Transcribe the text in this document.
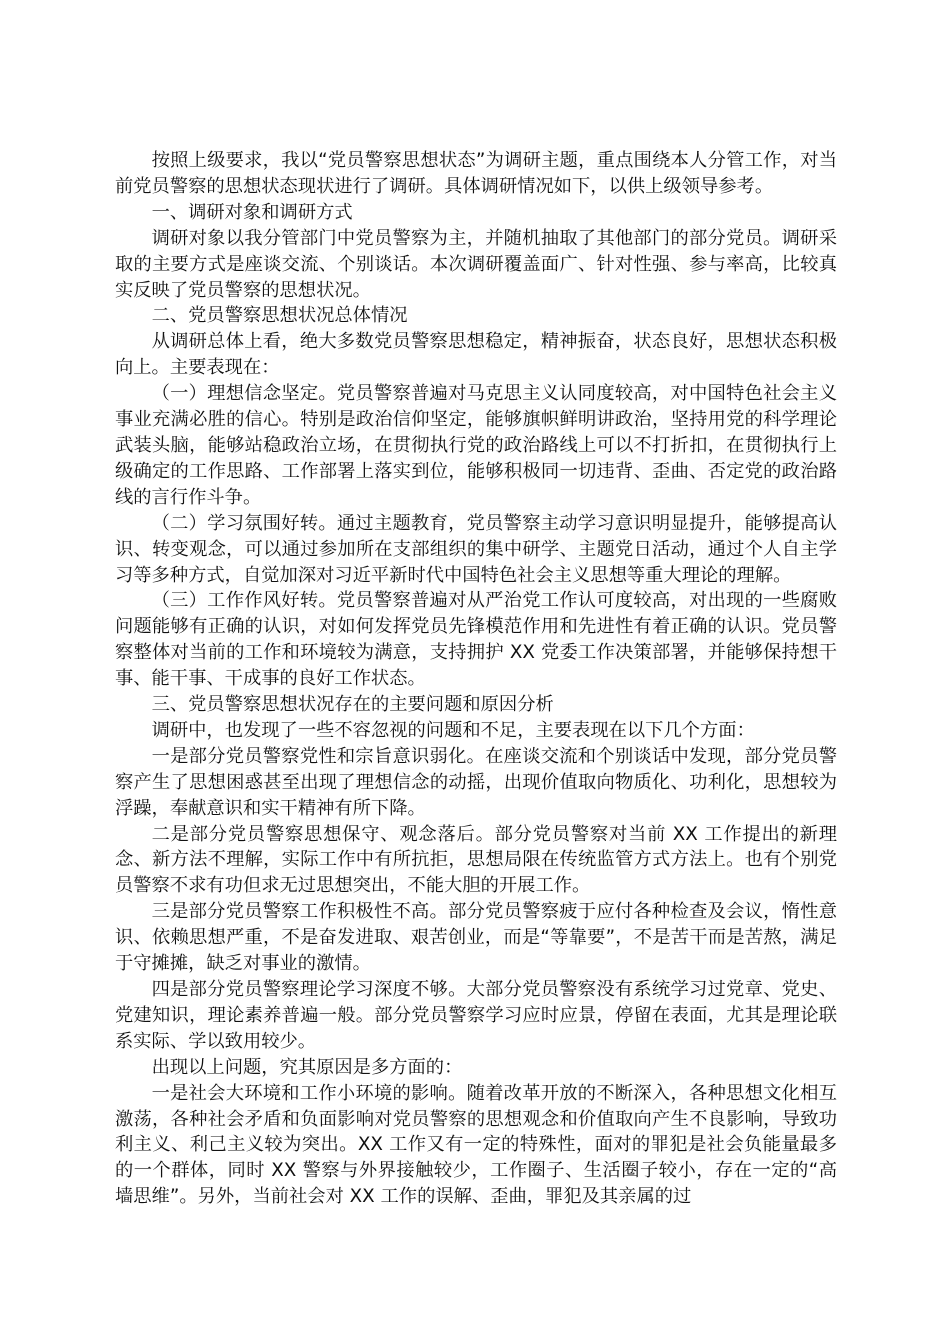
按照上级要求，我以“党员警察思想状态”为调研主题，重点围绕本人分管工作，对当前党员警察的思想状态现状进行了调研。具体调研情况如下，以供上级领导参考。

一、调研对象和调研方式

调研对象以我分管部门中党员警察为主，并随机抽取了其他部门的部分党员。调研采取的主要方式是座谈交流、个别谈话。本次调研覆盖面广、针对性强、参与率高，比较真实反映了党员警察的思想状况。

二、党员警察思想状况总体情况

从调研总体上看，绝大多数党员警察思想稳定，精神振奋，状态良好，思想状态积极向上。主要表现在：

（一）理想信念坚定。党员警察普遍对马克思主义认同度较高，对中国特色社会主义事业充满必胜的信心。特别是政治信仰坚定，能够旗帜鲜明讲政治，坚持用党的科学理论武装头脑，能够站稳政治立场，在贯彻执行党的政治路线上可以不打折扣，在贯彻执行上级确定的工作思路、工作部署上落实到位，能够积极同一切违背、歪曲、否定党的政治路线的言行作斗争。

（二）学习氛围好转。通过主题教育，党员警察主动学习意识明显提升，能够提高认识、转变观念，可以通过参加所在支部组织的集中研学、主题党日活动，通过个人自主学习等多种方式，自觉加深对习近平新时代中国特色社会主义思想等重大理论的理解。

（三）工作作风好转。党员警察普遍对从严治党工作认可度较高，对出现的一些腐败问题能够有正确的认识，对如何发挥党员先锋模范作用和先进性有着正确的认识。党员警察整体对当前的工作和环境较为满意，支持拥护 XX 党委工作决策部署，并能够保持想干事、能干事、干成事的良好工作状态。

三、党员警察思想状况存在的主要问题和原因分析

调研中，也发现了一些不容忽视的问题和不足，主要表现在以下几个方面：

一是部分党员警察党性和宗旨意识弱化。在座谈交流和个别谈话中发现，部分党员警察产生了思想困惑甚至出现了理想信念的动摇，出现价值取向物质化、功利化，思想较为浮躁，奉献意识和实干精神有所下降。

二是部分党员警察思想保守、观念落后。部分党员警察对当前 XX 工作提出的新理念、新方法不理解，实际工作中有所抗拒，思想局限在传统监管方式方法上。也有个别党员警察不求有功但求无过思想突出，不能大胆的开展工作。

三是部分党员警察工作积极性不高。部分党员警察疲于应付各种检查及会议，惰性意识、依赖思想严重，不是奋发进取、艰苦创业，而是“等靠要”，不是苦干而是苦熬，满足于守摊摊，缺乏对事业的激情。

四是部分党员警察理论学习深度不够。大部分党员警察没有系统学习过党章、党史、党建知识，理论素养普遍一般。部分党员警察学习应时应景，停留在表面，尤其是理论联系实际、学以致用较少。

出现以上问题，究其原因是多方面的：

一是社会大环境和工作小环境的影响。随着改革开放的不断深入，各种思想文化相互激荡，各种社会矛盾和负面影响对党员警察的思想观念和价值取向产生不良影响，导致功利主义、利己主义较为突出。XX 工作又有一定的特殊性，面对的罪犯是社会负能量最多的一个群体，同时 XX 警察与外界接触较少，工作圈子、生活圈子较小，存在一定的“高墙思维”。另外，当前社会对 XX 工作的误解、歪曲，罪犯及其亲属的过
